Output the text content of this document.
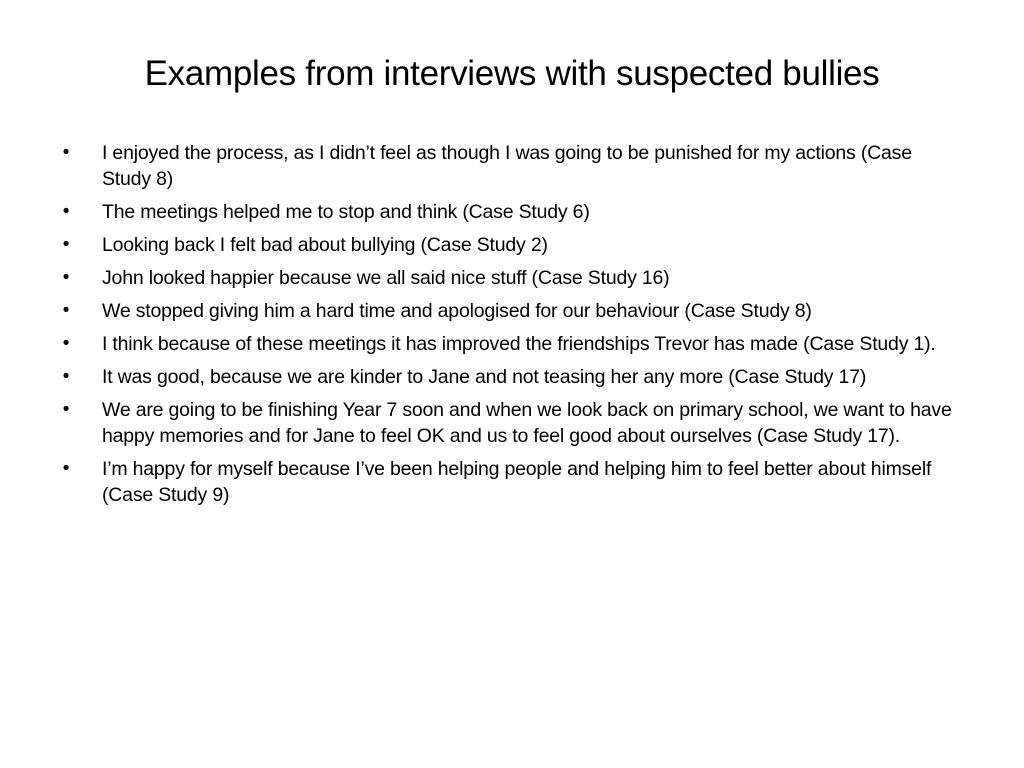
Examples from interviews with suspected bullies
• I enjoyed the process, as I didn’t feel as though I was going to be punished for my actions (Case Study 8)
• The meetings helped me to stop and think (Case Study 6)
• Looking back I felt bad about bullying (Case Study 2)
• John looked happier because we all said nice stuff (Case Study 16)
• We stopped giving him a hard time and apologised for our behaviour (Case Study 8)
• I think because of these meetings it has improved the friendships Trevor has made (Case Study 1).
• It was good, because we are kinder to Jane and not teasing her any more (Case Study 17)
• We are going to be finishing Year 7 soon and when we look back on primary school, we want to have happy memories and for Jane to feel OK and us to feel good about ourselves (Case Study 17).
• I’m happy for myself because I’ve been helping people and helping him to feel better about himself (Case Study 9)
